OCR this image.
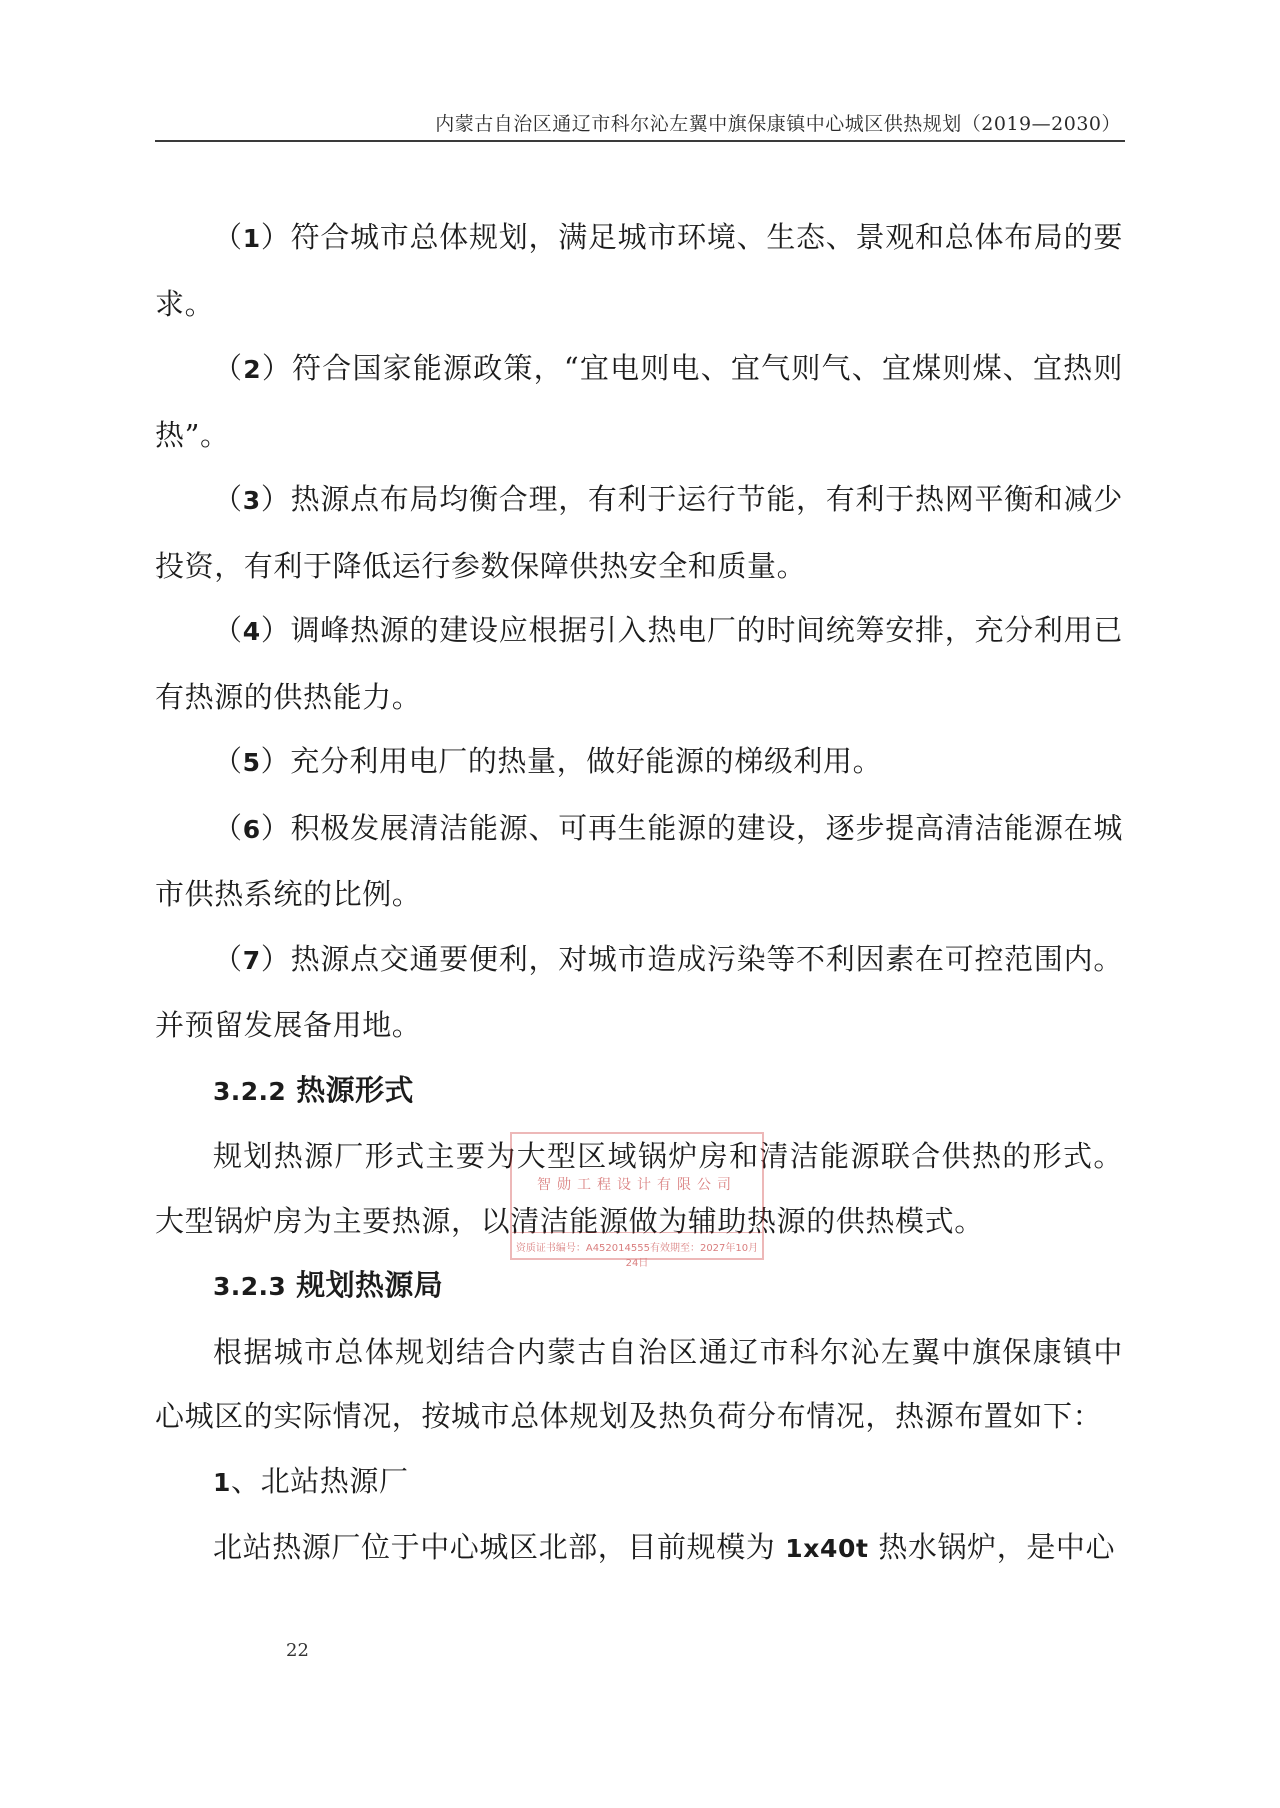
内蒙古自治区通辽市科尔沁左翼中旗保康镇中心城区供热规划（2019—2030）

（1）符合城市总体规划，满足城市环境、生态、景观和总体布局的要求。

（2）符合国家能源政策，“宜电则电、宜气则气、宜煤则煤、宜热则热”。

（3）热源点布局均衡合理，有利于运行节能，有利于热网平衡和减少投资，有利于降低运行参数保障供热安全和质量。

（4）调峰热源的建设应根据引入热电厂的时间统筹安排，充分利用已有热源的供热能力。

（5）充分利用电厂的热量，做好能源的梯级利用。

（6）积极发展清洁能源、可再生能源的建设，逐步提高清洁能源在城市供热系统的比例。

（7）热源点交通要便利，对城市造成污染等不利因素在可控范围内。并预留发展备用地。

3.2.2 热源形式

规划热源厂形式主要为大型区域锅炉房和清洁能源联合供热的形式。大型锅炉房为主要热源，以清洁能源做为辅助热源的供热模式。

3.2.3 规划热源局

根据城市总体规划结合内蒙古自治区通辽市科尔沁左翼中旗保康镇中心城区的实际情况，按城市总体规划及热负荷分布情况，热源布置如下：

1、北站热源厂

北站热源厂位于中心城区北部，目前规模为 1x40t 热水锅炉，是中心

智勋工程设计有限公司
资质证书编号：A452014555有效期至：2027年10月24日
22
